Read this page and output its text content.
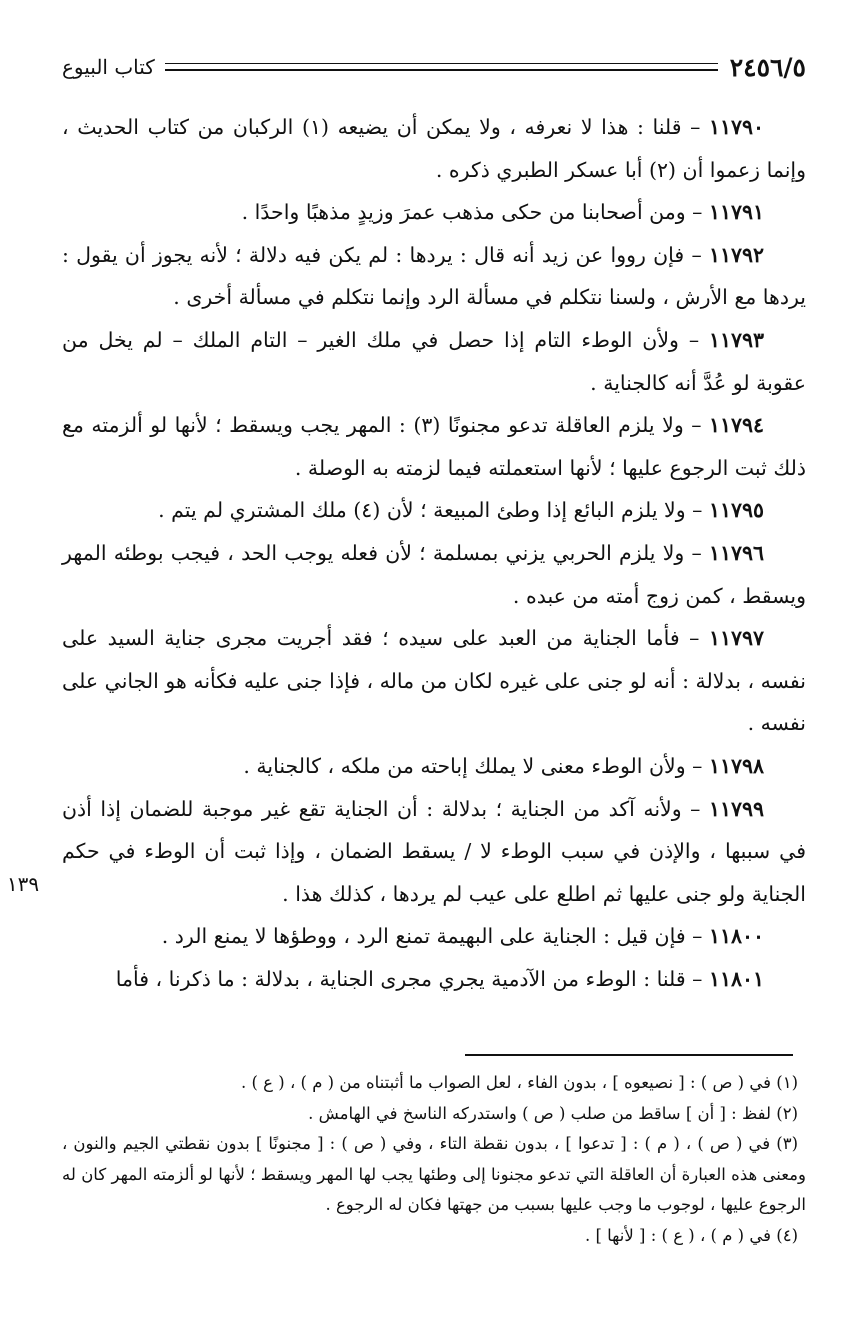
٢٤٥٦/٥
كتاب البيوع

١١٧٩٠ – قلنا : هذا لا نعرفه ، ولا يمكن أن يضيعه (١) الركبان من كتاب الحديث ، وإنما زعموا أن (٢) أبا عسكر الطبري ذكره .

١١٧٩١ – ومن أصحابنا من حكى مذهب عمرَ وزيدٍ مذهبًا واحدًا .

١١٧٩٢ – فإن رووا عن زيد أنه قال : يردها : لم يكن فيه دلالة ؛ لأنه يجوز أن يقول : يردها مع الأرش ، ولسنا نتكلم في مسألة الرد وإنما نتكلم في مسألة أخرى .

١١٧٩٣ – ولأن الوطء التام إذا حصل في ملك الغير – التام الملك – لم يخل من عقوبة لو عُدَّ أنه كالجناية .

١١٧٩٤ – ولا يلزم العاقلة تدعو مجنونًا (٣) : المهر يجب ويسقط ؛ لأنها لو ألزمته مع ذلك ثبت الرجوع عليها ؛ لأنها استعملته فيما لزمته به الوصلة .

١١٧٩٥ – ولا يلزم البائع إذا وطئ المبيعة ؛ لأن (٤) ملك المشتري لم يتم .

١١٧٩٦ – ولا يلزم الحربي يزني بمسلمة ؛ لأن فعله يوجب الحد ، فيجب بوطئه المهر ويسقط ، كمن زوج أمته من عبده .

١١٧٩٧ – فأما الجناية من العبد على سيده ؛ فقد أجريت مجرى جناية السيد على نفسه ، بدلالة : أنه لو جنى على غيره لكان من ماله ، فإذا جنى عليه فكأنه هو الجاني على نفسه .

١١٧٩٨ – ولأن الوطء معنى لا يملك إباحته من ملكه ، كالجناية .

١١٧٩٩ – ولأنه آكد من الجناية ؛ بدلالة : أن الجناية تقع غير موجبة للضمان إذا أذن في سببها ، والإذن في سبب الوطء لا / يسقط الضمان ، وإذا ثبت أن الوطء في حكم الجناية ولو جنى عليها ثم اطلع على عيب لم يردها ، كذلك هذا .

١١٨٠٠ – فإن قيل : الجناية على البهيمة تمنع الرد ، ووطؤها لا يمنع الرد .

١١٨٠١ – قلنا : الوطء من الآدمية يجري مجرى الجناية ، بدلالة : ما ذكرنا ، فأما

١٣٩

(١) في ( ص ) : [ نصيعوه ] ، بدون الفاء ، لعل الصواب ما أثبتناه من ( م ) ، ( ع ) .

(٢) لفظ : [ أن ] ساقط من صلب ( ص ) واستدركه الناسخ في الهامش .

(٣) في ( ص ) ، ( م ) : [ تدعوا ] ، بدون نقطة التاء ، وفي ( ص ) : [ مجنونًا ] بدون نقطتي الجيم والنون ، ومعنى هذه العبارة أن العاقلة التي تدعو مجنونا إلى وطئها يجب لها المهر ويسقط ؛ لأنها لو ألزمته المهر كان له الرجوع عليها ، لوجوب ما وجب عليها بسبب من جهتها فكان له الرجوع .

(٤) في ( م ) ، ( ع ) : [ لأنها ] .
